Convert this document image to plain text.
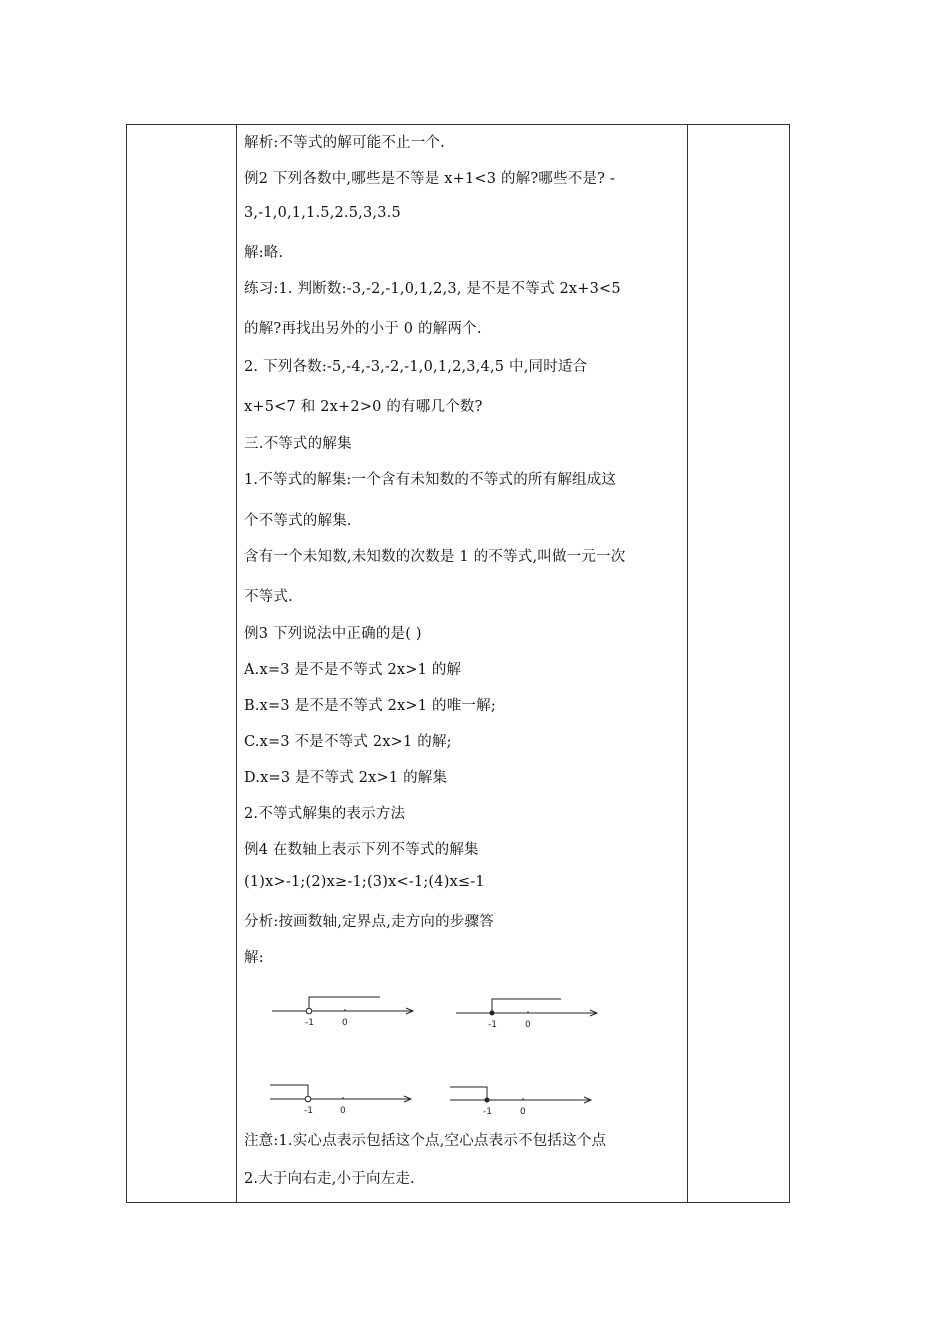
解析:不等式的解可能不止一个.
例2 下列各数中,哪些是不等是 x+1<3 的解?哪些不是? -
3,-1,0,1,1.5,2.5,3,3.5
解:略.
练习:1. 判断数:-3,-2,-1,0,1,2,3, 是不是不等式 2x+3<5
的解?再找出另外的小于 0 的解两个.
2. 下列各数:-5,-4,-3,-2,-1,0,1,2,3,4,5 中,同时适合
x+5<7 和 2x+2>0 的有哪几个数?
三.不等式的解集
1.不等式的解集:一个含有未知数的不等式的所有解组成这
个不等式的解集.
含有一个未知数,未知数的次数是 1 的不等式,叫做一元一次
不等式.
例3 下列说法中正确的是( )
A.x=3 是不是不等式 2x>1 的解
B.x=3 是不是不等式 2x>1 的唯一解;
C.x=3 不是不等式 2x>1 的解;
D.x=3 是不等式 2x>1 的解集
2.不等式解集的表示方法
例4 在数轴上表示下列不等式的解集
(1)x>-1;(2)x≥-1;(3)x<-1;(4)x≤-1
分析:按画数轴,定界点,走方向的步骤答
解:
-1	0	-1	0
-1	0	-1	0
注意:1.实心点表示包括这个点,空心点表示不包括这个点
2.大于向右走,小于向左走.
